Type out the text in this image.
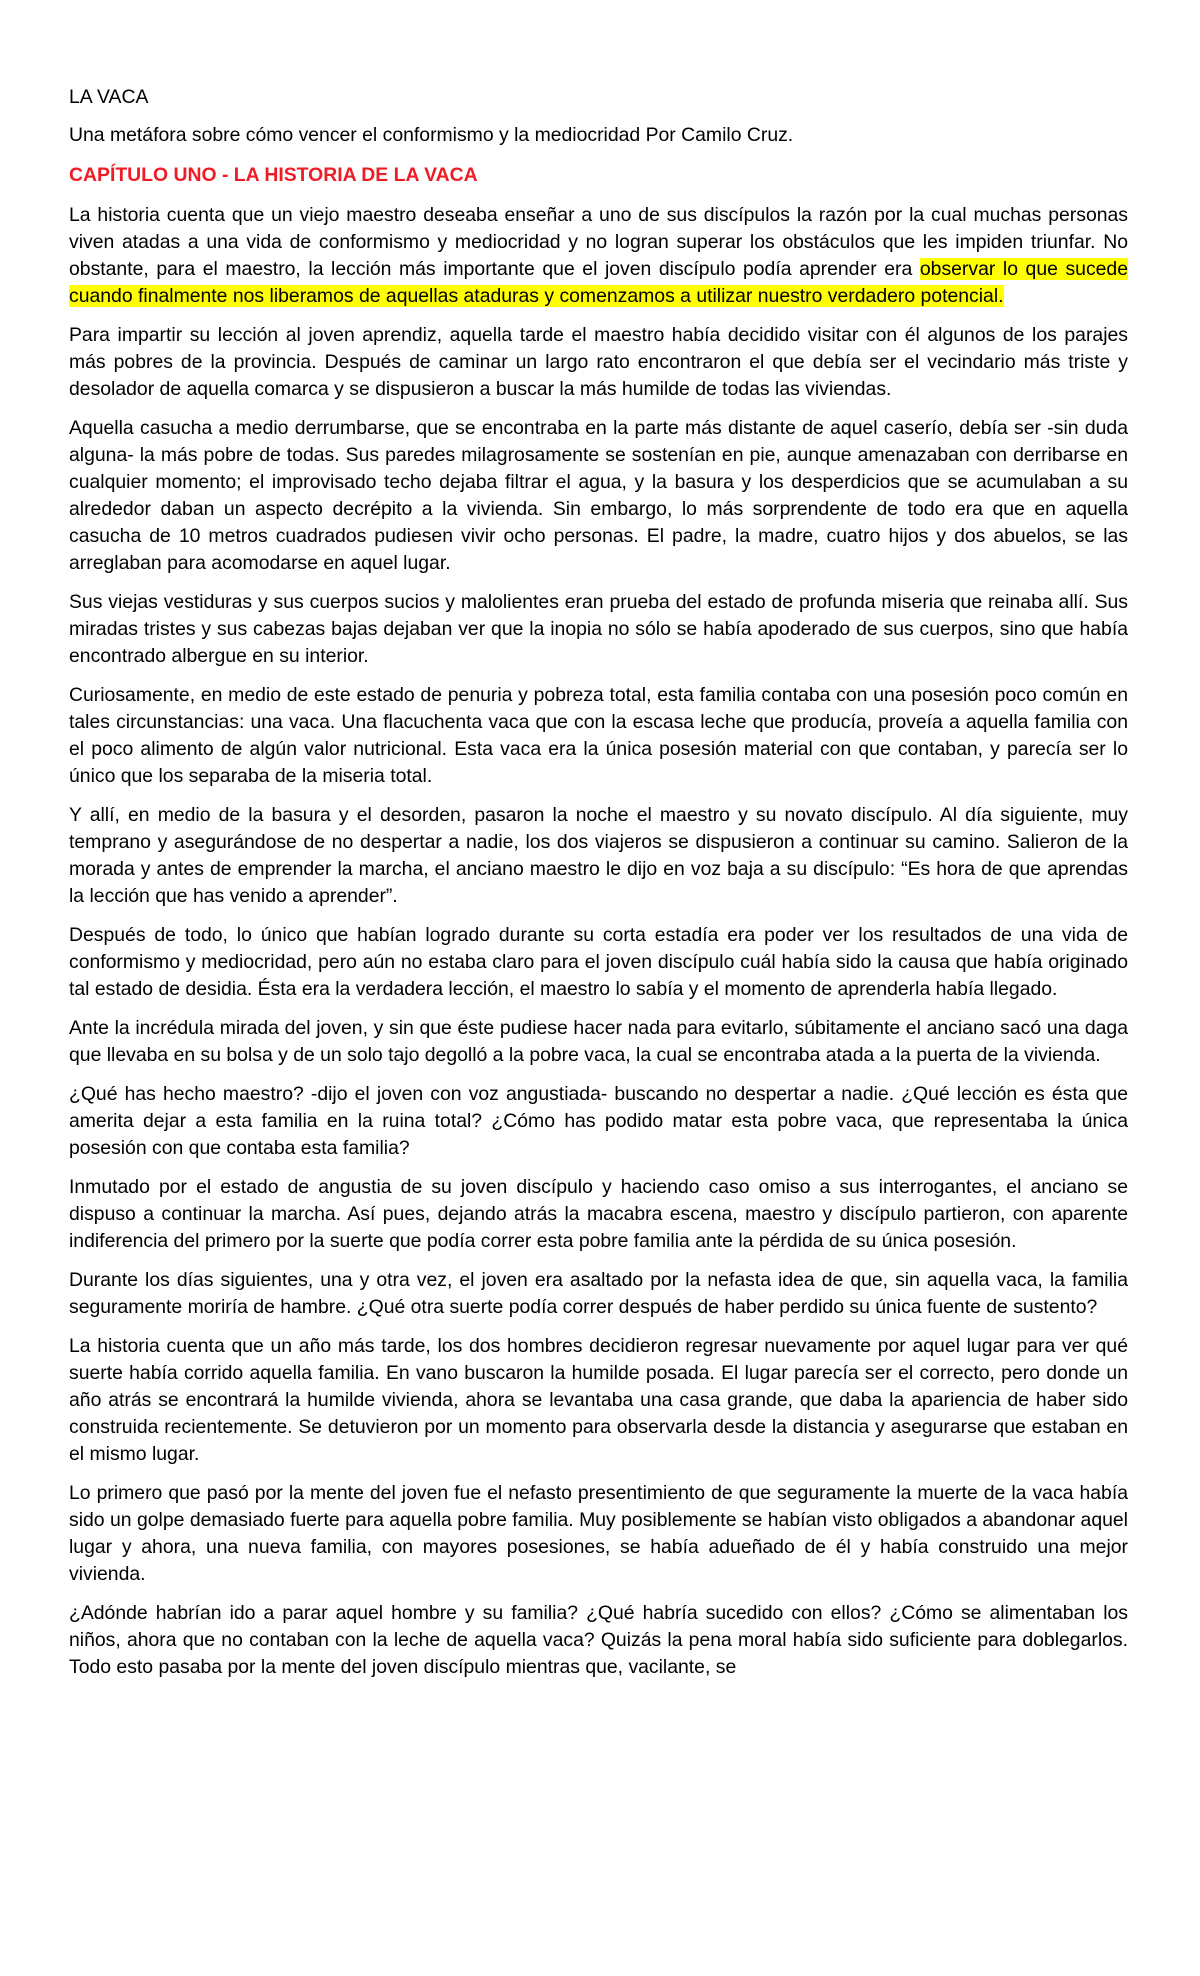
LA VACA
Una metáfora sobre cómo vencer el conformismo y la mediocridad Por Camilo Cruz.
CAPÍTULO UNO - LA HISTORIA DE LA VACA

La historia cuenta que un viejo maestro deseaba enseñar a uno de sus discípulos la razón por la cual muchas personas viven atadas a una vida de conformismo y mediocridad y no logran superar los obstáculos que les impiden triunfar. No obstante, para el maestro, la lección más importante que el joven discípulo podía aprender era observar lo que sucede cuando finalmente nos liberamos de aquellas ataduras y comenzamos a utilizar nuestro verdadero potencial.

Para impartir su lección al joven aprendiz, aquella tarde el maestro había decidido visitar con él algunos de los parajes más pobres de la provincia. Después de caminar un largo rato encontraron el que debía ser el vecindario más triste y desolador de aquella comarca y se dispusieron a buscar la más humilde de todas las viviendas.

Aquella casucha a medio derrumbarse, que se encontraba en la parte más distante de aquel caserío, debía ser -sin duda alguna- la más pobre de todas. Sus paredes milagrosamente se sostenían en pie, aunque amenazaban con derribarse en cualquier momento; el improvisado techo dejaba filtrar el agua, y la basura y los desperdicios que se acumulaban a su alrededor daban un aspecto decrépito a la vivienda. Sin embargo, lo más sorprendente de todo era que en aquella casucha de 10 metros cuadrados pudiesen vivir ocho personas. El padre, la madre, cuatro hijos y dos abuelos, se las arreglaban para acomodarse en aquel lugar.

Sus viejas vestiduras y sus cuerpos sucios y malolientes eran prueba del estado de profunda miseria que reinaba allí. Sus miradas tristes y sus cabezas bajas dejaban ver que la inopia no sólo se había apoderado de sus cuerpos, sino que había encontrado albergue en su interior.

Curiosamente, en medio de este estado de penuria y pobreza total, esta familia contaba con una posesión poco común en tales circunstancias: una vaca. Una flacuchenta vaca que con la escasa leche que producía, proveía a aquella familia con el poco alimento de algún valor nutricional. Esta vaca era la única posesión material con que contaban, y parecía ser lo único que los separaba de la miseria total.

Y allí, en medio de la basura y el desorden, pasaron la noche el maestro y su novato discípulo. Al día siguiente, muy temprano y asegurándose de no despertar a nadie, los dos viajeros se dispusieron a continuar su camino. Salieron de la morada y antes de emprender la marcha, el anciano maestro le dijo en voz baja a su discípulo: “Es hora de que aprendas la lección que has venido a aprender”.

Después de todo, lo único que habían logrado durante su corta estadía era poder ver los resultados de una vida de conformismo y mediocridad, pero aún no estaba claro para el joven discípulo cuál había sido la causa que había originado tal estado de desidia. Ésta era la verdadera lección, el maestro lo sabía y el momento de aprenderla había llegado.

Ante la incrédula mirada del joven, y sin que éste pudiese hacer nada para evitarlo, súbitamente el anciano sacó una daga que llevaba en su bolsa y de un solo tajo degolló a la pobre vaca, la cual se encontraba atada a la puerta de la vivienda.

¿Qué has hecho maestro? -dijo el joven con voz angustiada- buscando no despertar a nadie. ¿Qué lección es ésta que amerita dejar a esta familia en la ruina total? ¿Cómo has podido matar esta pobre vaca, que representaba la única posesión con que contaba esta familia?

Inmutado por el estado de angustia de su joven discípulo y haciendo caso omiso a sus interrogantes, el anciano se dispuso a continuar la marcha. Así pues, dejando atrás la macabra escena, maestro y discípulo partieron, con aparente indiferencia del primero por la suerte que podía correr esta pobre familia ante la pérdida de su única posesión.

Durante los días siguientes, una y otra vez, el joven era asaltado por la nefasta idea de que, sin aquella vaca, la familia seguramente moriría de hambre. ¿Qué otra suerte podía correr después de haber perdido su única fuente de sustento?

La historia cuenta que un año más tarde, los dos hombres decidieron regresar nuevamente por aquel lugar para ver qué suerte había corrido aquella familia. En vano buscaron la humilde posada. El lugar parecía ser el correcto, pero donde un año atrás se encontrará la humilde vivienda, ahora se levantaba una casa grande, que daba la apariencia de haber sido construida recientemente. Se detuvieron por un momento para observarla desde la distancia y asegurarse que estaban en el mismo lugar.

Lo primero que pasó por la mente del joven fue el nefasto presentimiento de que seguramente la muerte de la vaca había sido un golpe demasiado fuerte para aquella pobre familia. Muy posiblemente se habían visto obligados a abandonar aquel lugar y ahora, una nueva familia, con mayores posesiones, se había adueñado de él y había construido una mejor vivienda.

¿Adónde habrían ido a parar aquel hombre y su familia? ¿Qué habría sucedido con ellos? ¿Cómo se alimentaban los niños, ahora que no contaban con la leche de aquella vaca? Quizás la pena moral había sido suficiente para doblegarlos. Todo esto pasaba por la mente del joven discípulo mientras que, vacilante, se
